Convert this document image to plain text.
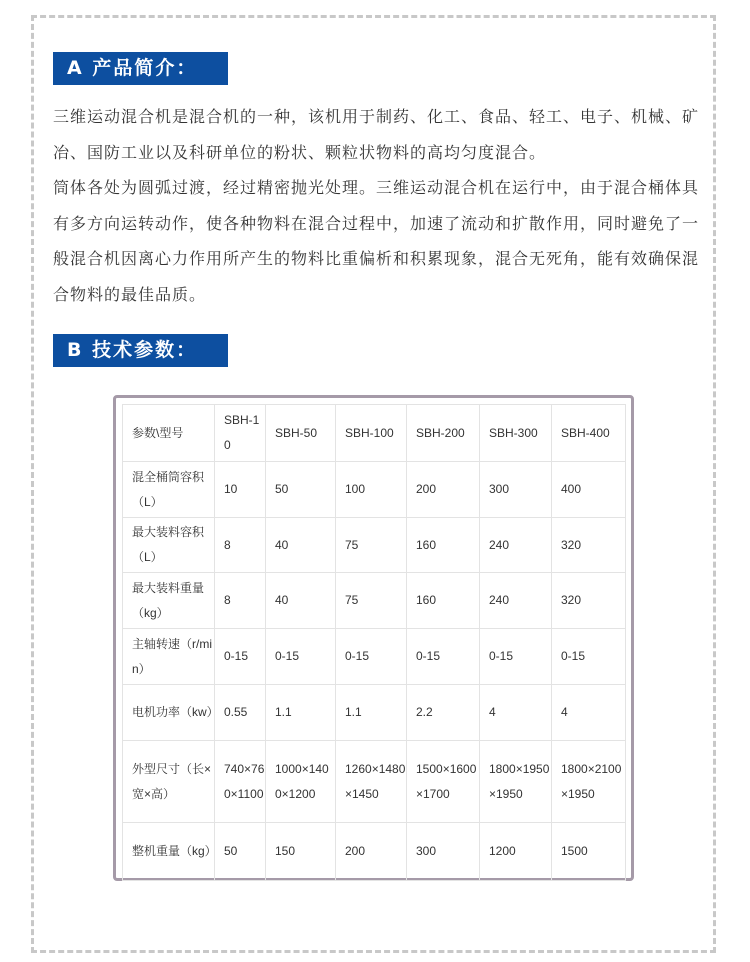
A 产品简介：

三维运动混合机是混合机的一种，该机用于制药、化工、食品、轻工、电子、机械、矿冶、国防工业以及科研单位的粉状、颗粒状物料的高均匀度混合。

筒体各处为圆弧过渡，经过精密抛光处理。三维运动混合机在运行中，由于混合桶体具有多方向运转动作，使各种物料在混合过程中，加速了流动和扩散作用，同时避免了一般混合机因离心力作用所产生的物料比重偏析和积累现象，混合无死角，能有效确保混合物料的最佳品质。

B 技术参数：
参数\型号	SBH-10	SBH-50	SBH-100	SBH-200	SBH-300	SBH-400
混全桶筒容积（L）	10	50	100	200	300	400
最大装料容积（L）	8	40	75	160	240	320
最大装料重量（kg）	8	40	75	160	240	320
主轴转速（r/min）	0-15	0-15	0-15	0-15	0-15	0-15
电机功率（kw）	0.55	1.1	1.1	2.2	4	4
外型尺寸（长×宽×高）	740×760×1100	1000×1400×1200	1260×1480×1450	1500×1600×1700	1800×1950×1950	1800×2100×1950
整机重量（kg）	50	150	200	300	1200	1500
